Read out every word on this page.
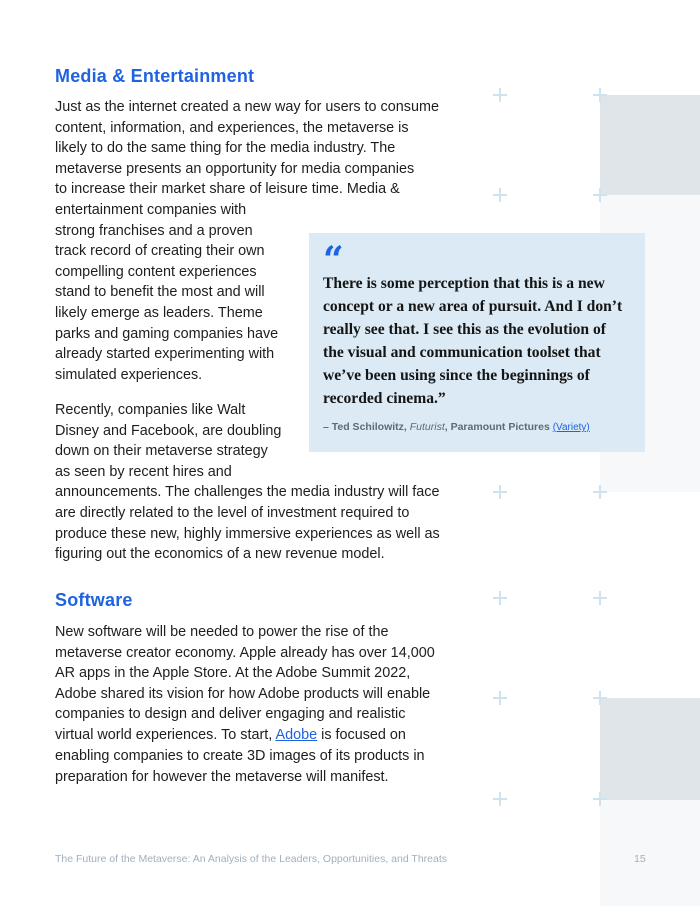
Media & Entertainment
Just as the internet created a new way for users to consume
content, information, and experiences, the metaverse is
likely to do the same thing for the media industry. The
metaverse presents an opportunity for media companies
to increase their market share of leisure time. Media &
entertainment companies with
strong franchises and a proven
track record of creating their own
compelling content experiences
stand to benefit the most and will
likely emerge as leaders. Theme
parks and gaming companies have
already started experimenting with
simulated experiences.
Recently, companies like Walt
Disney and Facebook, are doubling
down on their metaverse strategy
as seen by recent hires and
announcements. The challenges the media industry will face
are directly related to the level of investment required to
produce these new, highly immersive experiences as well as
figuring out the economics of a new revenue model.
“
There is some perception that this is a new
concept or a new area of pursuit. And I don’t
really see that. I see this as the evolution of
the visual and communication toolset that
we’ve been using since the beginnings of
recorded cinema.”
– Ted Schilowitz, Futurist, Paramount Pictures (Variety)
Software
New software will be needed to power the rise of the
metaverse creator economy. Apple already has over 14,000
AR apps in the Apple Store. At the Adobe Summit 2022,
Adobe shared its vision for how Adobe products will enable
companies to design and deliver engaging and realistic
virtual world experiences. To start, Adobe is focused on
enabling companies to create 3D images of its products in
preparation for however the metaverse will manifest.
The Future of the Metaverse: An Analysis of the Leaders, Opportunities, and Threats	15
